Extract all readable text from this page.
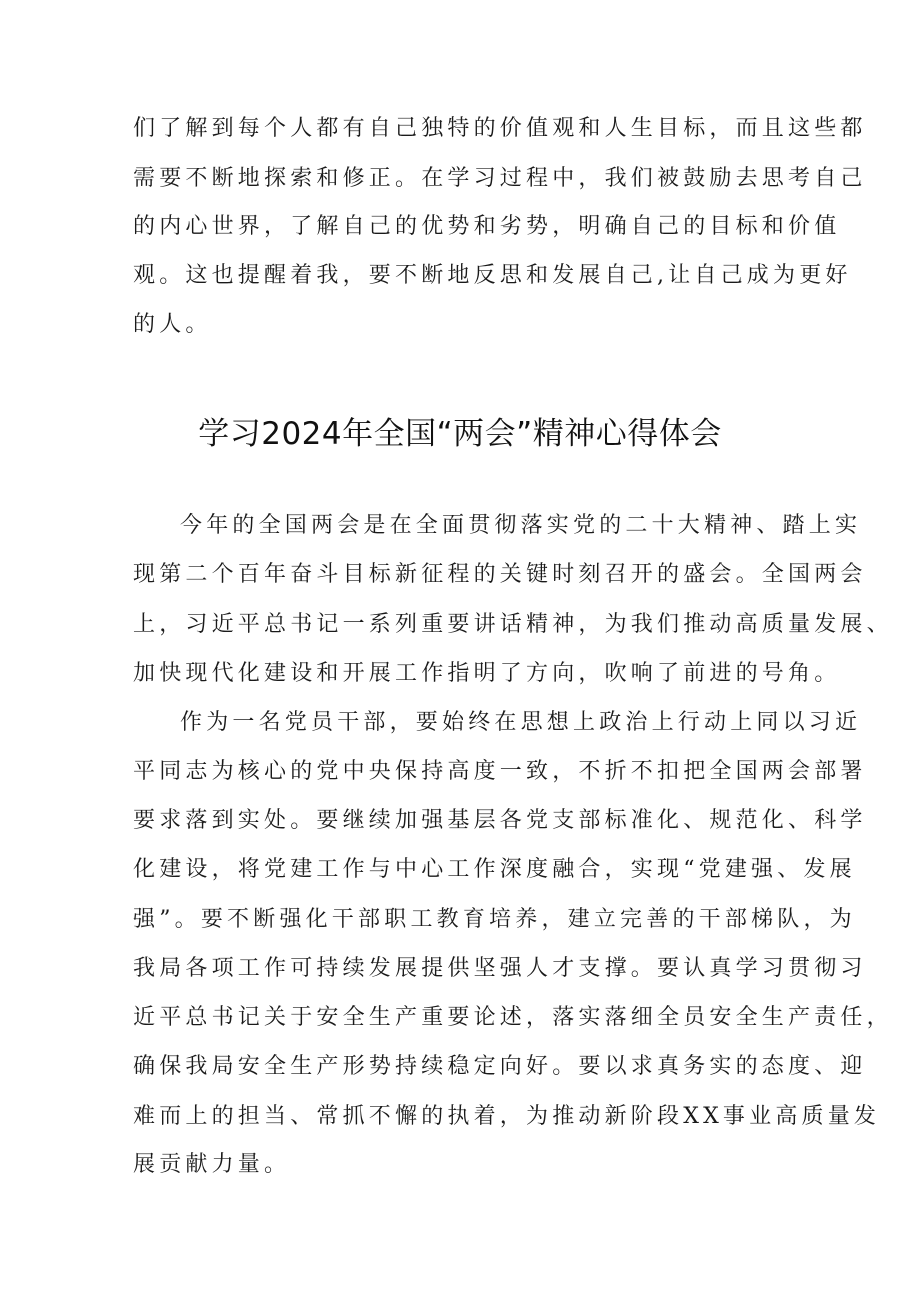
们了解到每个人都有自己独特的价值观和人生目标，而且这些都
需要不断地探索和修正。在学习过程中，我们被鼓励去思考自己
的内心世界，了解自己的优势和劣势，明确自己的目标和价值
观。这也提醒着我，要不断地反思和发展自己,让自己成为更好
的人。
学习2024年全国“两会”精神心得体会
今年的全国两会是在全面贯彻落实党的二十大精神、踏上实
现第二个百年奋斗目标新征程的关键时刻召开的盛会。全国两会
上，习近平总书记一系列重要讲话精神，为我们推动高质量发展、
加快现代化建设和开展工作指明了方向，吹响了前进的号角。
作为一名党员干部，要始终在思想上政治上行动上同以习近
平同志为核心的党中央保持高度一致，不折不扣把全国两会部署
要求落到实处。要继续加强基层各党支部标准化、规范化、科学
化建设，将党建工作与中心工作深度融合，实现“党建强、发展
强”。要不断强化干部职工教育培养，建立完善的干部梯队，为
我局各项工作可持续发展提供坚强人才支撑。要认真学习贯彻习
近平总书记关于安全生产重要论述，落实落细全员安全生产责任，
确保我局安全生产形势持续稳定向好。要以求真务实的态度、迎
难而上的担当、常抓不懈的执着，为推动新阶段XX事业高质量发
展贡献力量。
